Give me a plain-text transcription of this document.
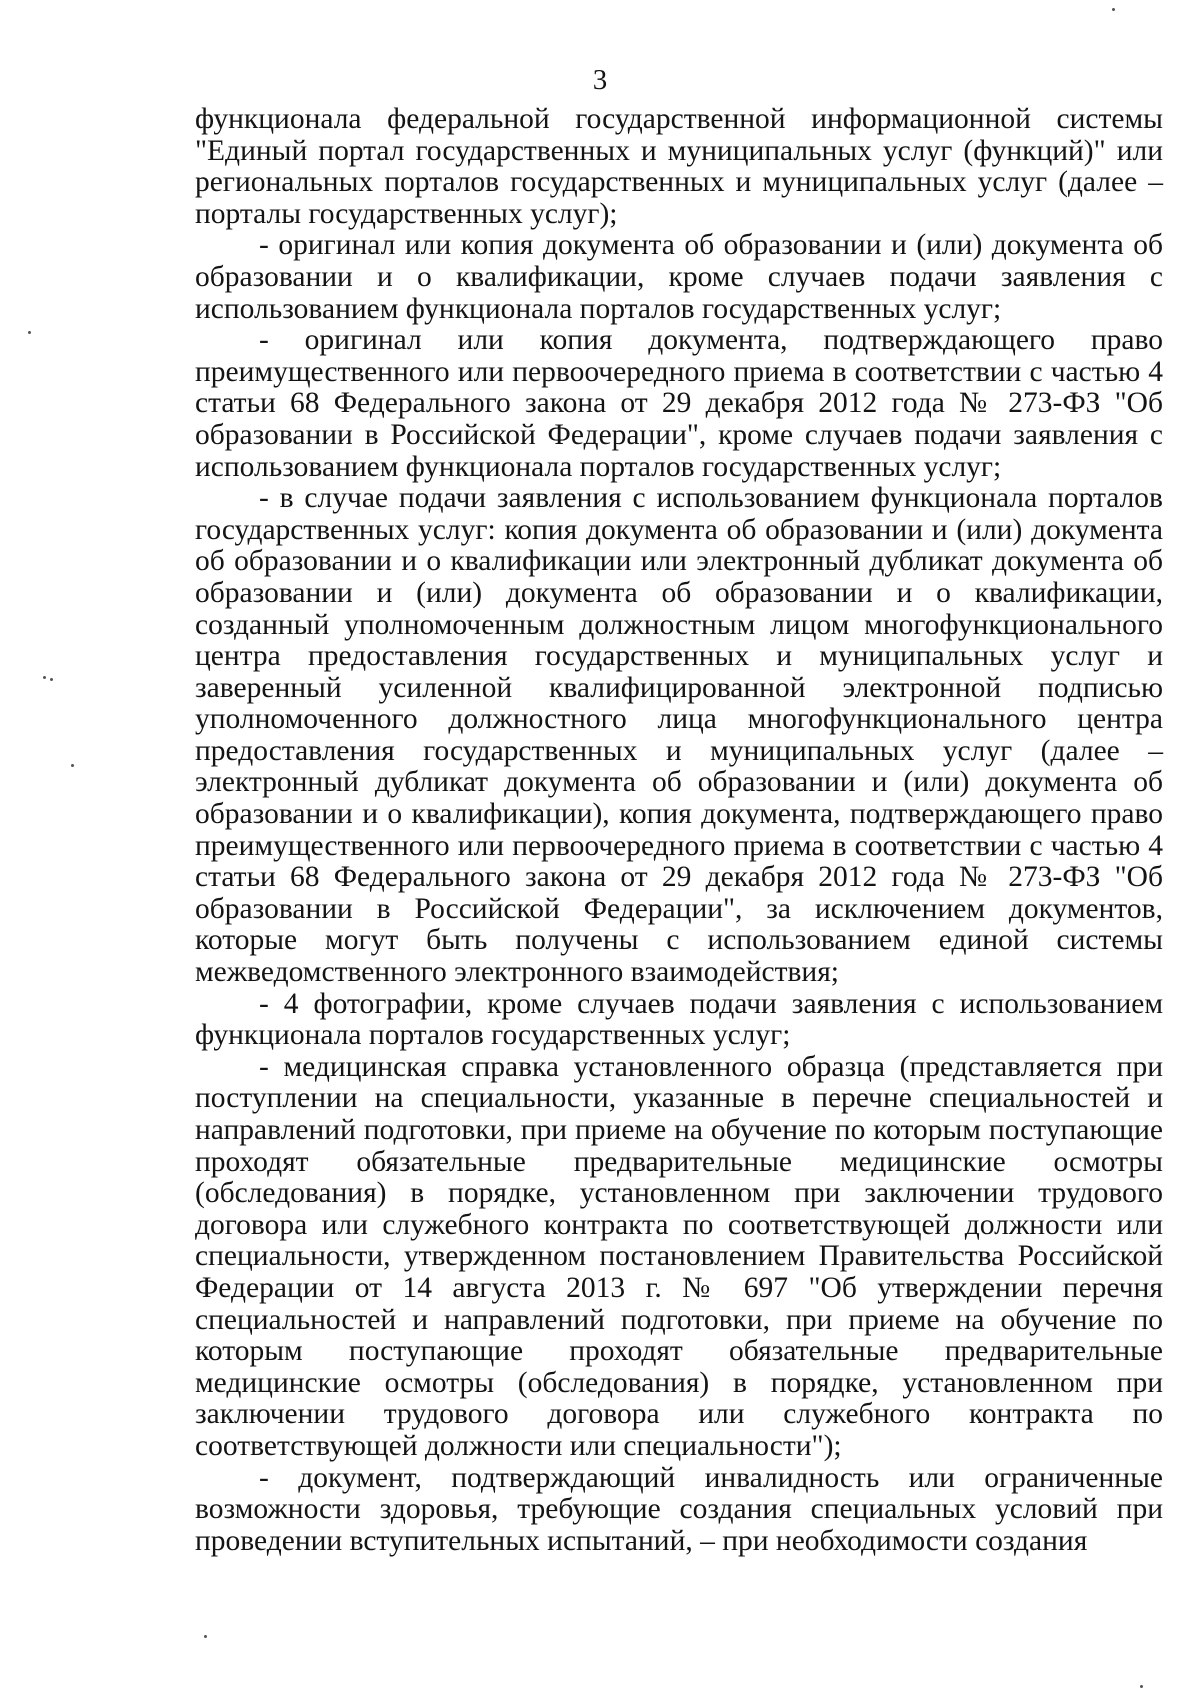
3

функционала федеральной государственной информационной системы "Единый портал государственных и муниципальных услуг (функций)" или региональных порталов государственных и муниципальных услуг (далее – порталы государственных услуг);

- оригинал или копия документа об образовании и (или) документа об образовании и о квалификации, кроме случаев подачи заявления с использованием функционала порталов государственных услуг;

- оригинал или копия документа, подтверждающего право преимущественного или первоочередного приема в соответствии с частью 4 статьи 68 Федерального закона от 29 декабря 2012 года № 273-ФЗ "Об образовании в Российской Федерации", кроме случаев подачи заявления с использованием функционала порталов государственных услуг;

- в случае подачи заявления с использованием функционала порталов государственных услуг: копия документа об образовании и (или) документа об образовании и о квалификации или электронный дубликат документа об образовании и (или) документа об образовании и о квалификации, созданный уполномоченным должностным лицом многофункционального центра предоставления государственных и муниципальных услуг и заверенный усиленной квалифицированной электронной подписью уполномоченного должностного лица многофункционального центра предоставления государственных и муниципальных услуг (далее – электронный дубликат документа об образовании и (или) документа об образовании и о квалификации), копия документа, подтверждающего право преимущественного или первоочередного приема в соответствии с частью 4 статьи 68 Федерального закона от 29 декабря 2012 года № 273-ФЗ "Об образовании в Российской Федерации", за исключением документов, которые могут быть получены с использованием единой системы межведомственного электронного взаимодействия;

- 4 фотографии, кроме случаев подачи заявления с использованием функционала порталов государственных услуг;

- медицинская справка установленного образца (представляется при поступлении на специальности, указанные в перечне специальностей и направлений подготовки, при приеме на обучение по которым поступающие проходят обязательные предварительные медицинские осмотры (обследования) в порядке, установленном при заключении трудового договора или служебного контракта по соответствующей должности или специальности, утвержденном постановлением Правительства Российской Федерации от 14 августа 2013 г. № 697 "Об утверждении перечня специальностей и направлений подготовки, при приеме на обучение по которым поступающие проходят обязательные предварительные медицинские осмотры (обследования) в порядке, установленном при заключении трудового договора или служебного контракта по соответствующей должности или специальности");

- документ, подтверждающий инвалидность или ограниченные возможности здоровья, требующие создания специальных условий при проведении вступительных испытаний, – при необходимости создания
